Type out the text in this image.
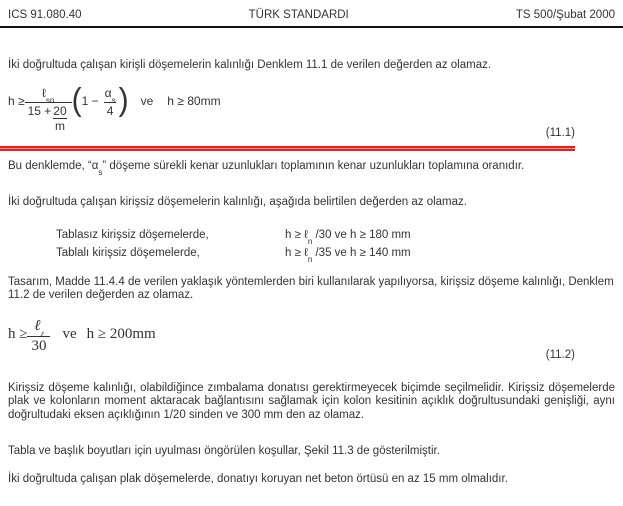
ICS 91.080.40	TÜRK STANDARDI	TS 500/Şubat 2000

İki doğrultuda çalışan kirişli döşemelerin kalınlığı Denklem 11.1 de verilen değerden az olamaz.

$h \ge \frac{\ell_{sn}}{15 + \frac{20}{m}}$ ( $1 - \frac{\alpha_s}{4}$ ) ve h ≥ 80mm
(11.1)

Bu denklemde, “$\alpha_s$” döşeme sürekli kenar uzunlukları toplamının kenar uzunlukları toplamına oranıdır.

İki doğrultuda çalışan kirişsiz döşemelerin kalınlığı, aşağıda belirtilen değerden az olamaz.

Tablasız kirişsiz döşemelerde,	h ≥ ℓ$_n$ /30 ve h ≥ 180 mm
Tablalı kirişsiz döşemelerde,	h ≥ ℓ$_n$ /35 ve h ≥ 140 mm

Tasarım, Madde 11.4.4 de verilen yaklaşık yöntemlerden biri kullanılarak yapılıyorsa, kirişsiz döşeme kalınlığı, Denklem 11.2 de verilen değerden az olamaz.

$h \ge \frac{\ell_\ell}{30}$ ve h ≥ 200mm
(11.2)

Kirişsiz döşeme kalınlığı, olabildiğince zımbalama donatısı gerektirmeyecek biçimde seçilmelidir. Kirişsiz döşemelerde plak ve kolonların moment aktaracak bağlantısını sağlamak için kolon kesitinin açıklık doğrultusundaki genişliği, aynı doğrultudaki eksen açıklığının 1/20 sinden ve 300 mm den az olamaz.

Tabla ve başlık boyutları için uyulması öngörülen koşullar, Şekil 11.3 de gösterilmiştir.

İki doğrultuda çalışan plak döşemelerde, donatıyı koruyan net beton örtüsü en az 15 mm olmalıdır.
